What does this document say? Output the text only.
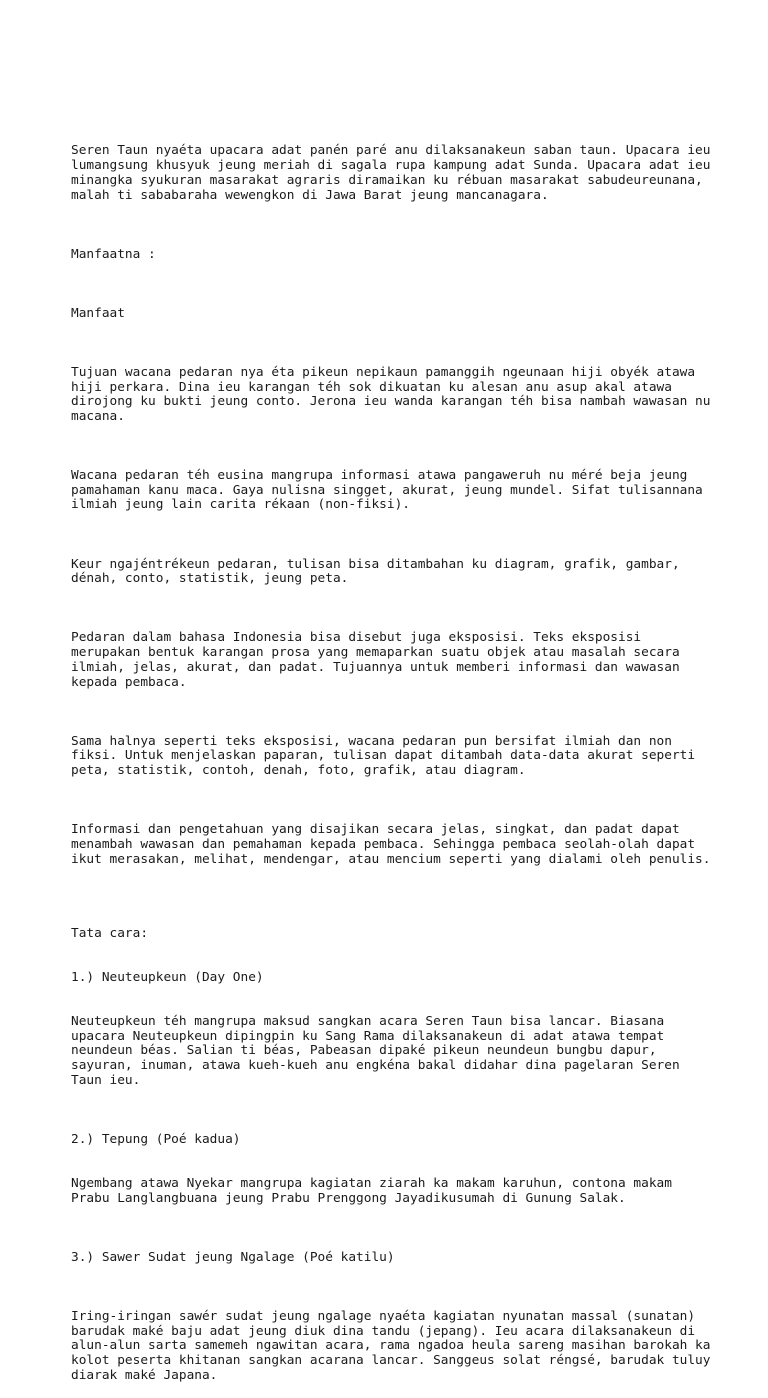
Seren Taun nyaéta upacara adat panén paré anu dilaksanakeun saban taun. Upacara ieu
lumangsung khusyuk jeung meriah di sagala rupa kampung adat Sunda. Upacara adat ieu
minangka syukuran masarakat agraris diramaikan ku rébuan masarakat sabudeureunana,
malah ti sababaraha wewengkon di Jawa Barat jeung mancanagara.

Manfaatna :

Manfaat

Tujuan wacana pedaran nya éta pikeun nepikaun pamanggih ngeunaan hiji obyék atawa
hiji perkara. Dina ieu karangan téh sok dikuatan ku alesan anu asup akal atawa
dirojong ku bukti jeung conto. Jerona ieu wanda karangan téh bisa nambah wawasan nu
macana.

Wacana pedaran téh eusina mangrupa informasi atawa pangaweruh nu méré beja jeung
pamahaman kanu maca. Gaya nulisna singget, akurat, jeung mundel. Sifat tulisannana
ilmiah jeung lain carita rékaan (non-fiksi).

Keur ngajéntrékeun pedaran, tulisan bisa ditambahan ku diagram, grafik, gambar,
dénah, conto, statistik, jeung peta.

Pedaran dalam bahasa Indonesia bisa disebut juga eksposisi. Teks eksposisi
merupakan bentuk karangan prosa yang memaparkan suatu objek atau masalah secara
ilmiah, jelas, akurat, dan padat. Tujuannya untuk memberi informasi dan wawasan
kepada pembaca.

Sama halnya seperti teks eksposisi, wacana pedaran pun bersifat ilmiah dan non
fiksi. Untuk menjelaskan paparan, tulisan dapat ditambah data-data akurat seperti
peta, statistik, contoh, denah, foto, grafik, atau diagram.

Informasi dan pengetahuan yang disajikan secara jelas, singkat, dan padat dapat
menambah wawasan dan pemahaman kepada pembaca. Sehingga pembaca seolah-olah dapat
ikut merasakan, melihat, mendengar, atau mencium seperti yang dialami oleh penulis.

Tata cara:

1.) Neuteupkeun (Day One)

Neuteupkeun téh mangrupa maksud sangkan acara Seren Taun bisa lancar. Biasana
upacara Neuteupkeun dipingpin ku Sang Rama dilaksanakeun di adat atawa tempat
neundeun béas. Salian ti béas, Pabeasan dipaké pikeun neundeun bungbu dapur,
sayuran, inuman, atawa kueh-kueh anu engkéna bakal didahar dina pagelaran Seren
Taun ieu.

2.) Tepung (Poé kadua)

Ngembang atawa Nyekar mangrupa kagiatan ziarah ka makam karuhun, contona makam
Prabu Langlangbuana jeung Prabu Prenggong Jayadikusumah di Gunung Salak.

3.) Sawer Sudat jeung Ngalage (Poé katilu)

Iring-iringan sawér sudat jeung ngalage nyaéta kagiatan nyunatan massal (sunatan)
barudak maké baju adat jeung diuk dina tandu (jepang). Ieu acara dilaksanakeun di
alun-alun sarta samemeh ngawitan acara, rama ngadoa heula sareng masihan barokah ka
kolot peserta khitanan sangkan acarana lancar. Sanggeus solat réngsé, barudak tuluy
diarak maké Japana.
